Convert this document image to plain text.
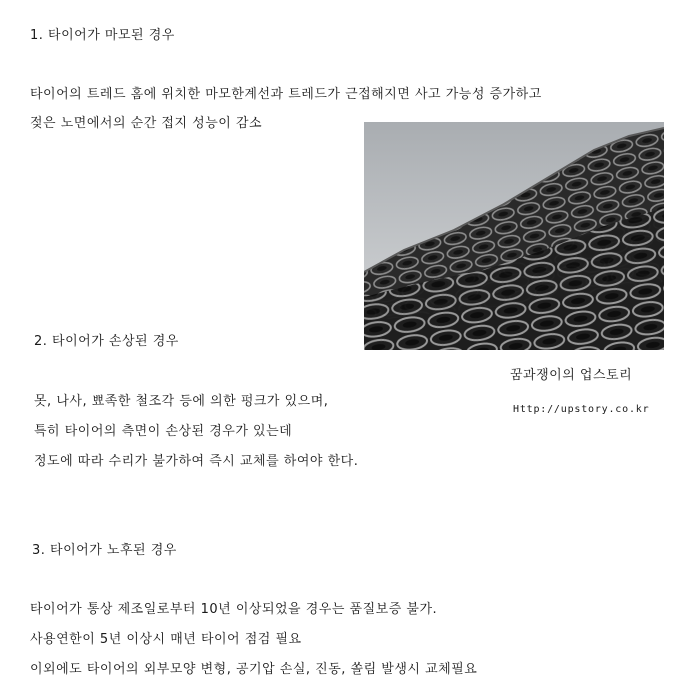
1. 타이어가 마모된 경우
타이어의 트레드 홈에 위치한 마모한계선과 트레드가 근접해지면 사고 가능성 증가하고
젖은 노면에서의 순간 접지 성능이 감소
2. 타이어가 손상된 경우
꿈과쟁이의 업스토리
Http://upstory.co.kr
못, 나사, 뾰족한 철조각 등에 의한 펑크가 있으며,
특히 타이어의 측면이 손상된 경우가 있는데
정도에 따라 수리가 불가하여 즉시 교체를 하여야 한다.
3. 타이어가 노후된 경우
타이어가 통상 제조일로부터 10년 이상되었을 경우는 품질보증 불가.
사용연한이 5년 이상시 매년 타이어 점검 필요
이외에도 타이어의 외부모양 변형, 공기압 손실, 진동, 쏠림 발생시 교체필요
